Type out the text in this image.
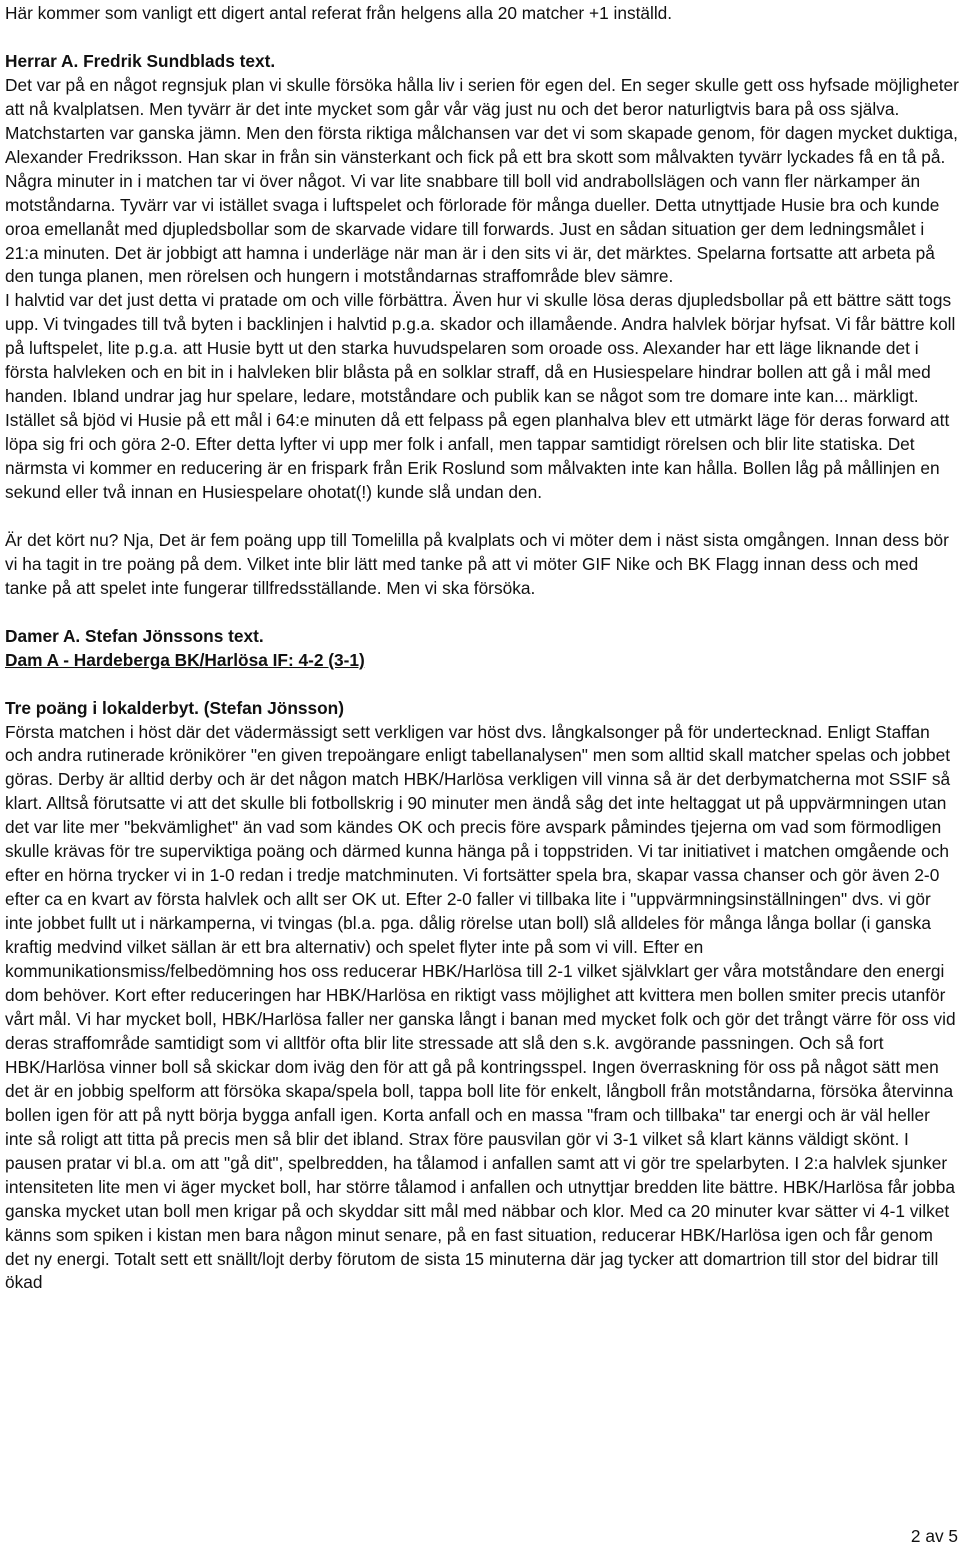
Här kommer som vanligt ett digert antal referat från helgens alla 20 matcher +1 inställd.

Herrar A. Fredrik Sundblads text.

Det var på en något regnsjuk plan vi skulle försöka hålla liv i serien för egen del. En seger skulle gett oss hyfsade möjligheter att nå kvalplatsen. Men tyvärr är det inte mycket som går vår väg just nu och det beror naturligtvis bara på oss själva.

Matchstarten var ganska jämn. Men den första riktiga målchansen var det vi som skapade genom, för dagen mycket duktiga, Alexander Fredriksson. Han skar in från sin vänsterkant och fick på ett bra skott som målvakten tyvärr lyckades få en tå på. Några minuter in i matchen tar vi över något. Vi var lite snabbare till boll vid andrabollslägen och vann fler närkamper än motståndarna. Tyvärr var vi istället svaga i luftspelet och förlorade för många dueller. Detta utnyttjade Husie bra och kunde oroa emellanåt med djupledsbollar som de skarvade vidare till forwards. Just en sådan situation ger dem ledningsmålet i 21:a minuten. Det är jobbigt att hamna i underläge när man är i den sits vi är, det märktes. Spelarna fortsatte att arbeta på den tunga planen, men rörelsen och hungern i motståndarnas straffområde blev sämre.

I halvtid var det just detta vi pratade om och ville förbättra. Även hur vi skulle lösa deras djupledsbollar på ett bättre sätt togs upp. Vi tvingades till två byten i backlinjen i halvtid p.g.a. skador och illamående. Andra halvlek börjar hyfsat. Vi får bättre koll på luftspelet, lite p.g.a. att Husie bytt ut den starka huvudspelaren som oroade oss. Alexander har ett läge liknande det i första halvleken och en bit in i halvleken blir blåsta på en solklar straff, då en Husiespelare hindrar bollen att gå i mål med handen. Ibland undrar jag hur spelare, ledare, motståndare och publik kan se något som tre domare inte kan... märkligt. Istället så bjöd vi Husie på ett mål i 64:e minuten då ett felpass på egen planhalva blev ett utmärkt läge för deras forward att löpa sig fri och göra 2-0. Efter detta lyfter vi upp mer folk i anfall, men tappar samtidigt rörelsen och blir lite statiska. Det närmsta vi kommer en reducering är en frispark från Erik Roslund som målvakten inte kan hålla. Bollen låg på mållinjen en sekund eller två innan en Husiespelare ohotat(!) kunde slå undan den.

Är det kört nu? Nja, Det är fem poäng upp till Tomelilla på kvalplats och vi möter dem i näst sista omgången. Innan dess bör vi ha tagit in tre poäng på dem. Vilket inte blir lätt med tanke på att vi möter GIF Nike och BK Flagg innan dess och med tanke på att spelet inte fungerar tillfredsställande. Men vi ska försöka.

Damer A. Stefan Jönssons text.

Dam A - Hardeberga BK/Harlösa IF: 4-2 (3-1)

Tre poäng i lokalderbyt. (Stefan Jönsson)

Första matchen i höst där det vädermässigt sett verkligen var höst dvs. långkalsonger på för undertecknad. Enligt Staffan och andra rutinerade krönikörer "en given trepoängare enligt tabellanalysen" men som alltid skall matcher spelas och jobbet göras. Derby är alltid derby och är det någon match HBK/Harlösa verkligen vill vinna så är det derbymatcherna mot SSIF så klart. Alltså förutsatte vi att det skulle bli fotbollskrig i 90 minuter men ändå såg det inte heltaggat ut på uppvärmningen utan det var lite mer "bekvämlighet" än vad som kändes OK och precis före avspark påmindes tjejerna om vad som förmodligen skulle krävas för tre superviktiga poäng och därmed kunna hänga på i toppstriden. Vi tar initiativet i matchen omgående och efter en hörna trycker vi in 1-0 redan i tredje matchminuten. Vi fortsätter spela bra, skapar vassa chanser och gör även 2-0 efter ca en kvart av första halvlek och allt ser OK ut. Efter 2-0 faller vi tillbaka lite i "uppvärmningsinställningen" dvs. vi gör inte jobbet fullt ut i närkamperna, vi tvingas (bl.a. pga. dålig rörelse utan boll) slå alldeles för många långa bollar (i ganska kraftig medvind vilket sällan är ett bra alternativ) och spelet flyter inte på som vi vill. Efter en kommunikationsmiss/felbedömning hos oss reducerar HBK/Harlösa till 2-1 vilket självklart ger våra motståndare den energi dom behöver. Kort efter reduceringen har HBK/Harlösa en riktigt vass möjlighet att kvittera men bollen smiter precis utanför vårt mål. Vi har mycket boll, HBK/Harlösa faller ner ganska långt i banan med mycket folk och gör det trångt värre för oss vid deras straffområde samtidigt som vi alltför ofta blir lite stressade att slå den s.k. avgörande passningen. Och så fort HBK/Harlösa vinner boll så skickar dom iväg den för att gå på kontringsspel. Ingen överraskning för oss på något sätt men det är en jobbig spelform att försöka skapa/spela boll, tappa boll lite för enkelt, långboll från motståndarna, försöka återvinna bollen igen för att på nytt börja bygga anfall igen. Korta anfall och en massa "fram och tillbaka" tar energi och är väl heller inte så roligt att titta på precis men så blir det ibland. Strax före pausvilan gör vi 3-1 vilket så klart känns väldigt skönt. I pausen pratar vi bl.a. om att "gå dit", spelbredden, ha tålamod i anfallen samt att vi gör tre spelarbyten. I 2:a halvlek sjunker intensiteten lite men vi äger mycket boll, har större tålamod i anfallen och utnyttjar bredden lite bättre. HBK/Harlösa får jobba ganska mycket utan boll men krigar på och skyddar sitt mål med näbbar och klor. Med ca 20 minuter kvar sätter vi 4-1 vilket känns som spiken i kistan men bara någon minut senare, på en fast situation, reducerar HBK/Harlösa igen och får genom det ny energi. Totalt sett ett snällt/lojt derby förutom de sista 15 minuterna där jag tycker att domartrion till stor del bidrar till ökad

2 av 5
